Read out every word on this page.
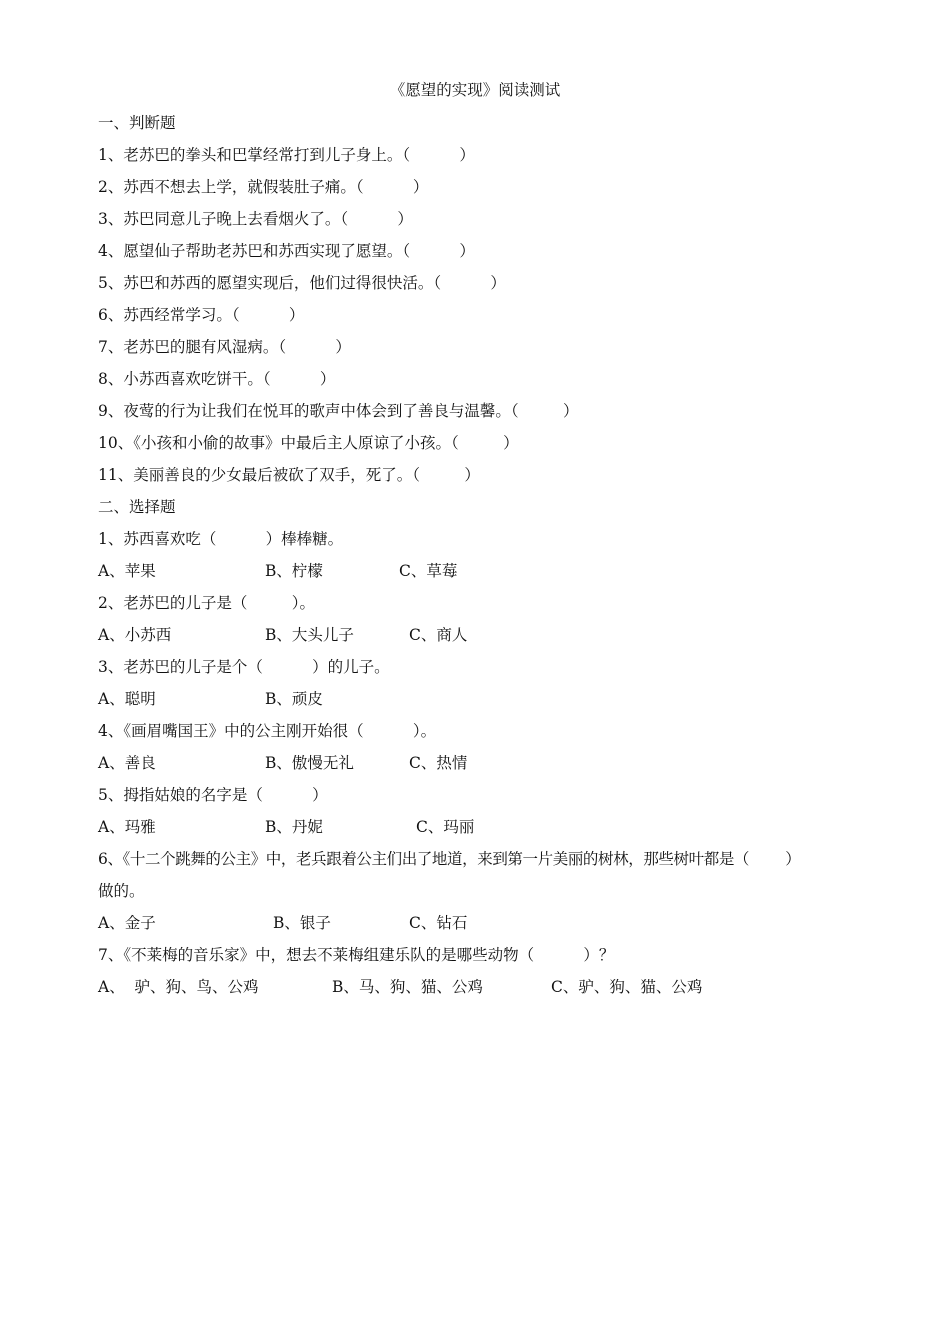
《愿望的实现》阅读测试
一、判断题
1、老苏巴的拳头和巴掌经常打到儿子身上。（          ）
2、苏西不想去上学，就假装肚子痛。（          ）
3、苏巴同意儿子晚上去看烟火了。（          ）
4、愿望仙子帮助老苏巴和苏西实现了愿望。（          ）
5、苏巴和苏西的愿望实现后，他们过得很快活。（          ）
6、苏西经常学习。（          ）
7、老苏巴的腿有风湿病。（          ）
8、小苏西喜欢吃饼干。（          ）
9、夜莺的行为让我们在悦耳的歌声中体会到了善良与温馨。（         ）
10、《小孩和小偷的故事》中最后主人原谅了小孩。（         ）
11、美丽善良的少女最后被砍了双手，死了。（         ）
二、选择题
1、苏西喜欢吃（          ）棒棒糖。
A、苹果	B、柠檬	C、草莓
2、老苏巴的儿子是（         ）。
A、小苏西	B、大头儿子	C、商人
3、老苏巴的儿子是个（          ）的儿子。
A、聪明	B、顽皮
4、《画眉嘴国王》中的公主刚开始很（          ）。
A、善良	B、傲慢无礼	C、热情
5、拇指姑娘的名字是（          ）
A、玛雅	B、丹妮	C、玛丽
6、《十二个跳舞的公主》中，老兵跟着公主们出了地道，来到第一片美丽的树林，那些树叶都是（        ）
做的。
A、金子	B、银子	C、钻石
7、《不莱梅的音乐家》中，想去不莱梅组建乐队的是哪些动物（          ）？
A、  驴、狗、鸟、公鸡	B、马、狗、猫、公鸡	C、驴、狗、猫、公鸡
